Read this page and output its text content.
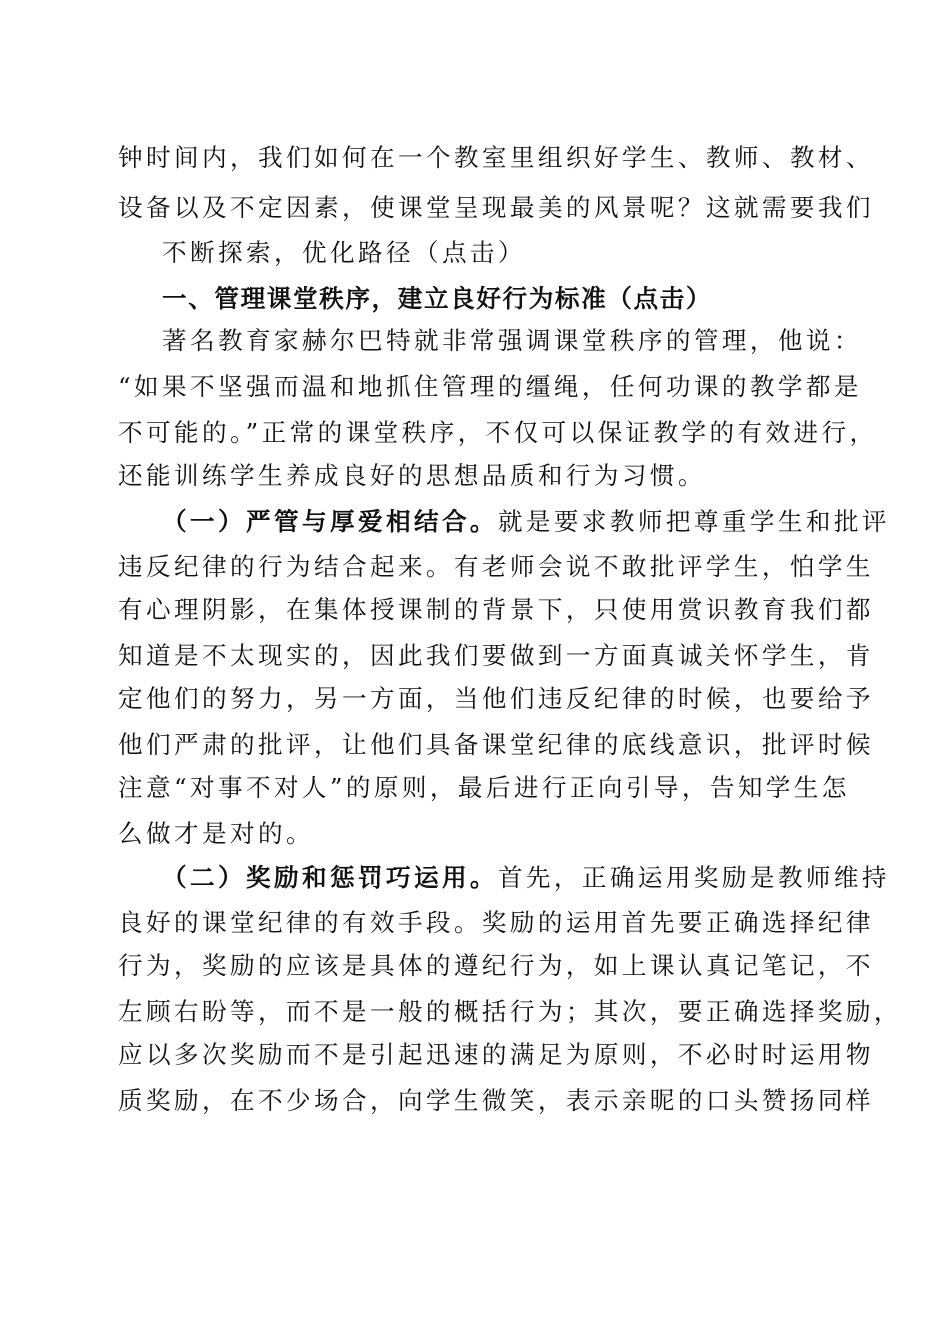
钟时间内，我们如何在一个教室里组织好学生、教师、教材、
设备以及不定因素，使课堂呈现最美的风景呢？这就需要我们
不断探索，优化路径（点击）
一、管理课堂秩序，建立良好行为标准（点击）
著名教育家赫尔巴特就非常强调课堂秩序的管理，他说：
“如果不坚强而温和地抓住管理的缰绳，任何功课的教学都是
不可能的。”正常的课堂秩序，不仅可以保证教学的有效进行，
还能训练学生养成良好的思想品质和行为习惯。
（一）严管与厚爱相结合。就是要求教师把尊重学生和批评
违反纪律的行为结合起来。有老师会说不敢批评学生，怕学生
有心理阴影，在集体授课制的背景下，只使用赏识教育我们都
知道是不太现实的，因此我们要做到一方面真诚关怀学生，肯
定他们的努力，另一方面，当他们违反纪律的时候，也要给予
他们严肃的批评，让他们具备课堂纪律的底线意识，批评时候
注意“对事不对人”的原则，最后进行正向引导，告知学生怎
么做才是对的。
（二）奖励和惩罚巧运用。首先，正确运用奖励是教师维持
良好的课堂纪律的有效手段。奖励的运用首先要正确选择纪律
行为，奖励的应该是具体的遵纪行为，如上课认真记笔记，不
左顾右盼等，而不是一般的概括行为；其次，要正确选择奖励，
应以多次奖励而不是引起迅速的满足为原则，不必时时运用物
质奖励，在不少场合，向学生微笑，表示亲昵的口头赞扬同样
